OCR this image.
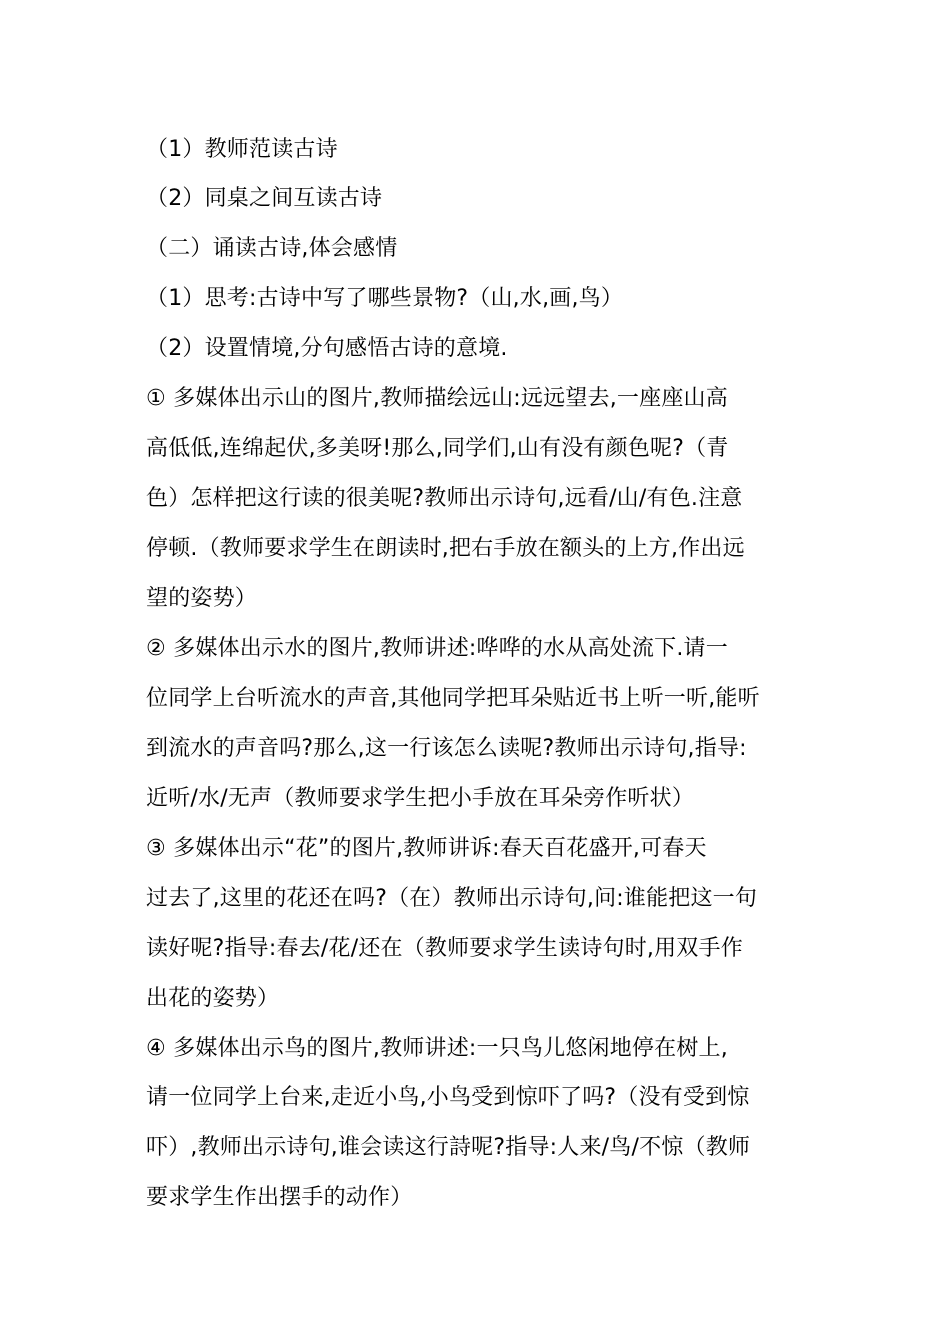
（1）教师范读古诗
（2）同桌之间互读古诗
（二）诵读古诗,体会感情
（1）思考:古诗中写了哪些景物?（山,水,画,鸟）
（2）设置情境,分句感悟古诗的意境.
① 多媒体出示山的图片,教师描绘远山:远远望去,一座座山高
高低低,连绵起伏,多美呀!那么,同学们,山有没有颜色呢?（青
色）怎样把这行读的很美呢?教师出示诗句,远看/山/有色.注意
停顿.（教师要求学生在朗读时,把右手放在额头的上方,作出远
望的姿势）
② 多媒体出示水的图片,教师讲述:哗哗的水从高处流下.请一
位同学上台听流水的声音,其他同学把耳朵贴近书上听一听,能听
到流水的声音吗?那么,这一行该怎么读呢?教师出示诗句,指导:
近听/水/无声（教师要求学生把小手放在耳朵旁作听状）
③ 多媒体出示“花”的图片,教师讲诉:春天百花盛开,可春天
过去了,这里的花还在吗?（在）教师出示诗句,问:谁能把这一句
读好呢?指导:春去/花/还在（教师要求学生读诗句时,用双手作
出花的姿势）
④ 多媒体出示鸟的图片,教师讲述:一只鸟儿悠闲地停在树上,
请一位同学上台来,走近小鸟,小鸟受到惊吓了吗?（没有受到惊
吓）,教师出示诗句,谁会读这行詩呢?指导:人来/鸟/不惊（教师
要求学生作出摆手的动作）
